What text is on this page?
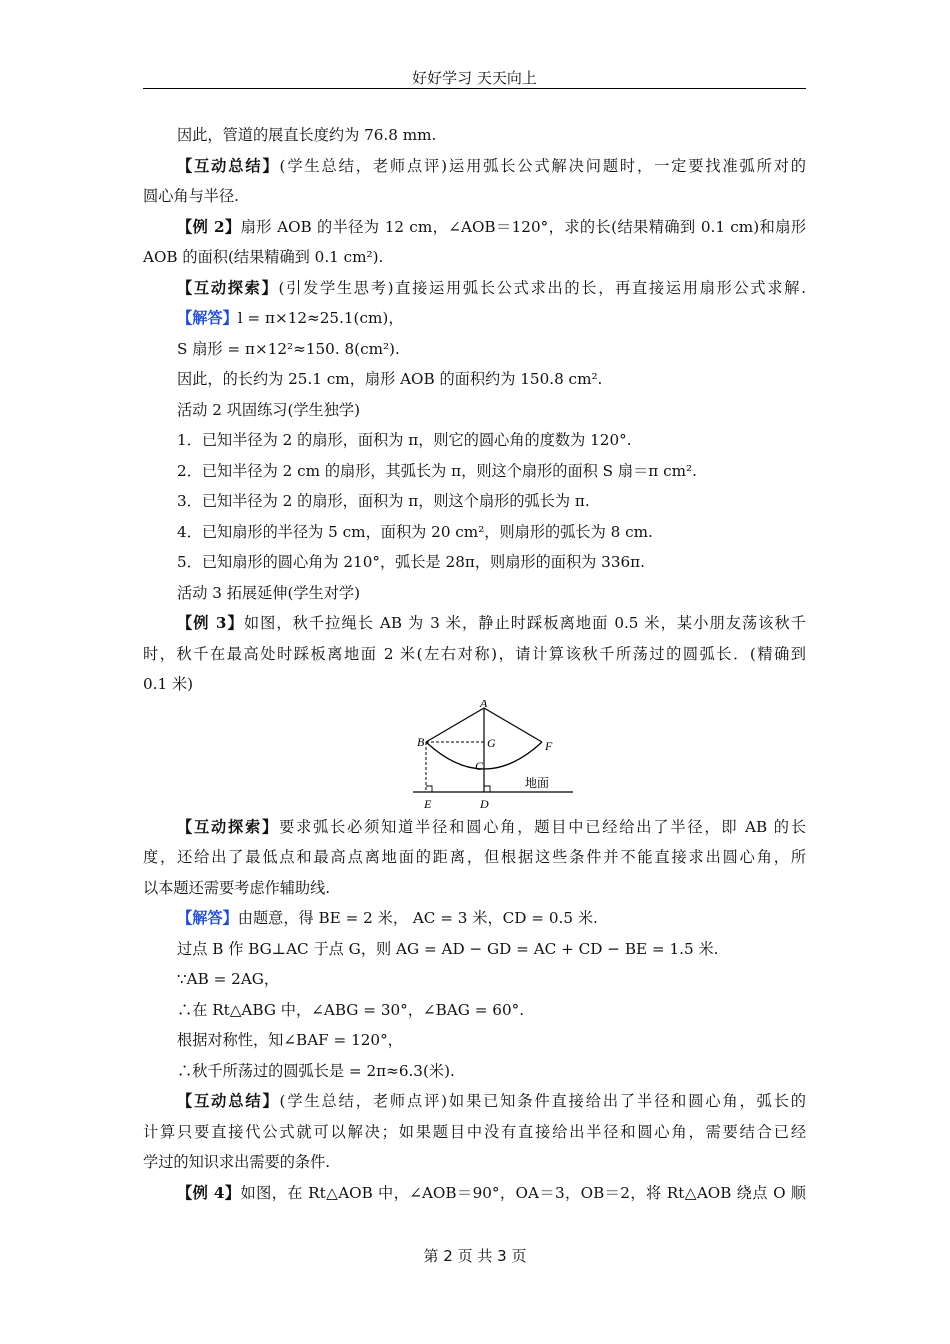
好好学习 天天向上
因此，管道的展直长度约为 76.8 mm.
【互动总结】(学生总结，老师点评)运用弧长公式解决问题时，一定要找准弧所对的
圆心角与半径.
【例 2】扇形 AOB 的半径为 12 cm，∠AOB＝120°，求的长(结果精确到 0.1 cm)和扇形
AOB 的面积(结果精确到 0.1 cm²).
【互动探索】(引发学生思考)直接运用弧长公式求出的长，再直接运用扇形公式求解.
【解答】l = π×12≈25.1(cm)，
S 扇形 = π×12²≈150. 8(cm²).
因此，的长约为 25.1 cm，扇形 AOB 的面积约为 150.8 cm².
活动 2 巩固练习(学生独学)
1．已知半径为 2 的扇形，面积为 π，则它的圆心角的度数为 120°.
2．已知半径为 2 cm 的扇形，其弧长为 π，则这个扇形的面积 S 扇＝π cm².
3．已知半径为 2 的扇形，面积为 π，则这个扇形的弧长为 π.
4．已知扇形的半径为 5 cm，面积为 20 cm²，则扇形的弧长为 8 cm.
5．已知扇形的圆心角为 210°，弧长是 28π，则扇形的面积为 336π.
活动 3 拓展延伸(学生对学)
【例 3】如图，秋千拉绳长 AB 为 3 米，静止时踩板离地面 0.5 米，某小朋友荡该秋千
时，秋千在最高处时踩板离地面 2 米(左右对称)，请计算该秋千所荡过的圆弧长．(精确到
0.1 米)
A
B	G	F
C
E	D
地面
【互动探索】要求弧长必须知道半径和圆心角，题目中已经给出了半径，即 AB 的长
度，还给出了最低点和最高点离地面的距离，但根据这些条件并不能直接求出圆心角，所
以本题还需要考虑作辅助线.
【解答】由题意，得 BE = 2 米， AC = 3 米，CD = 0.5 米.
过点 B 作 BG⊥AC 于点 G，则 AG = AD − GD = AC + CD − BE = 1.5 米.
∵AB = 2AG，
∴在 Rt△ABG 中，∠ABG = 30°，∠BAG = 60°.
根据对称性，知∠BAF = 120°，
∴秋千所荡过的圆弧长是 = 2π≈6.3(米).
【互动总结】(学生总结，老师点评)如果已知条件直接给出了半径和圆心角，弧长的
计算只要直接代公式就可以解决；如果题目中没有直接给出半径和圆心角，需要结合已经
学过的知识求出需要的条件.
【例 4】如图，在 Rt△AOB 中，∠AOB＝90°，OA＝3，OB＝2，将 Rt△AOB 绕点 O 顺
第 2 页 共 3 页
